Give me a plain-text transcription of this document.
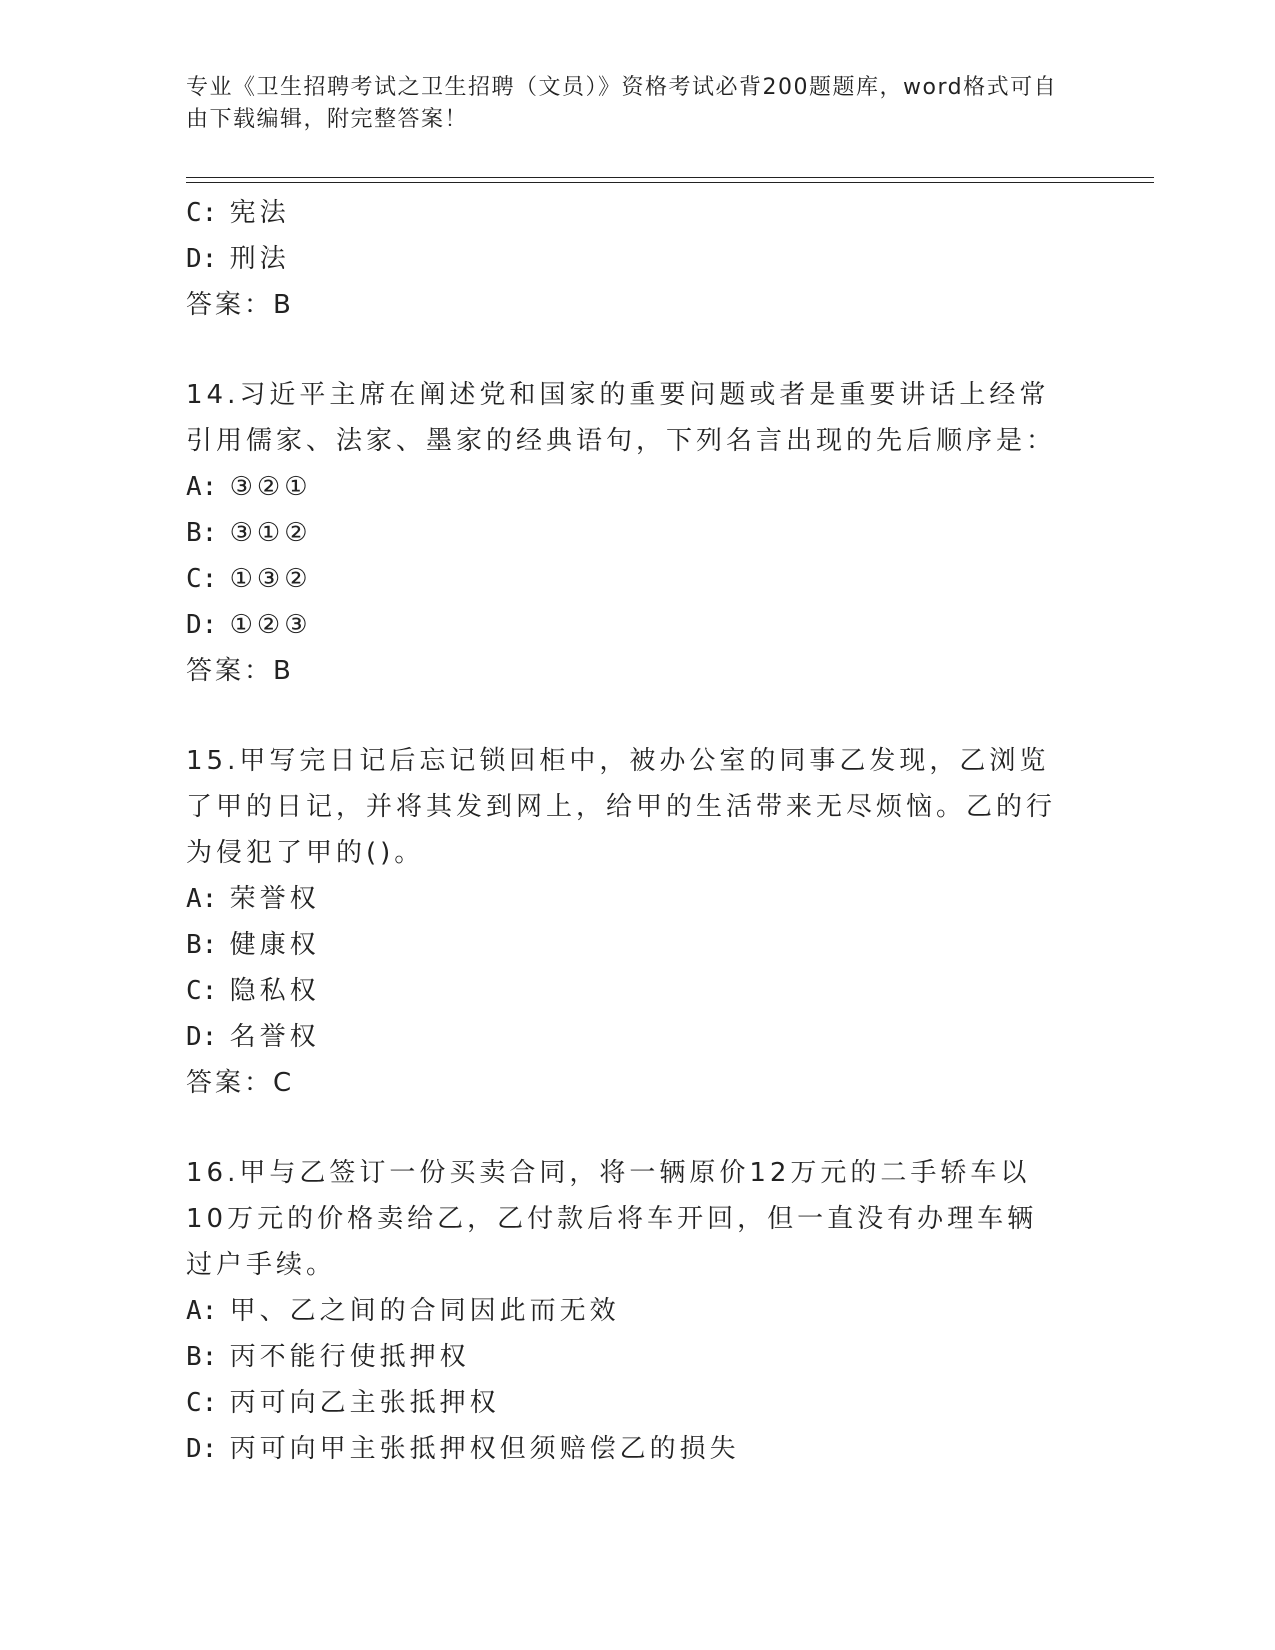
专业《卫生招聘考试之卫生招聘（文员）》资格考试必背200题题库，word格式可自由下载编辑，附完整答案！
C: 宪法
D: 刑法
答案：B
14.习近平主席在阐述党和国家的重要问题或者是重要讲话上经常引用儒家、法家、墨家的经典语句，下列名言出现的先后顺序是：
A: ③②①
B: ③①②
C: ①③②
D: ①②③
答案：B
15.甲写完日记后忘记锁回柜中，被办公室的同事乙发现，乙浏览了甲的日记，并将其发到网上，给甲的生活带来无尽烦恼。乙的行为侵犯了甲的()。
A: 荣誉权
B: 健康权
C: 隐私权
D: 名誉权
答案：C
16.甲与乙签订一份买卖合同，将一辆原价12万元的二手轿车以10万元的价格卖给乙，乙付款后将车开回，但一直没有办理车辆过户手续。
A: 甲、乙之间的合同因此而无效
B: 丙不能行使抵押权
C: 丙可向乙主张抵押权
D: 丙可向甲主张抵押权但须赔偿乙的损失
